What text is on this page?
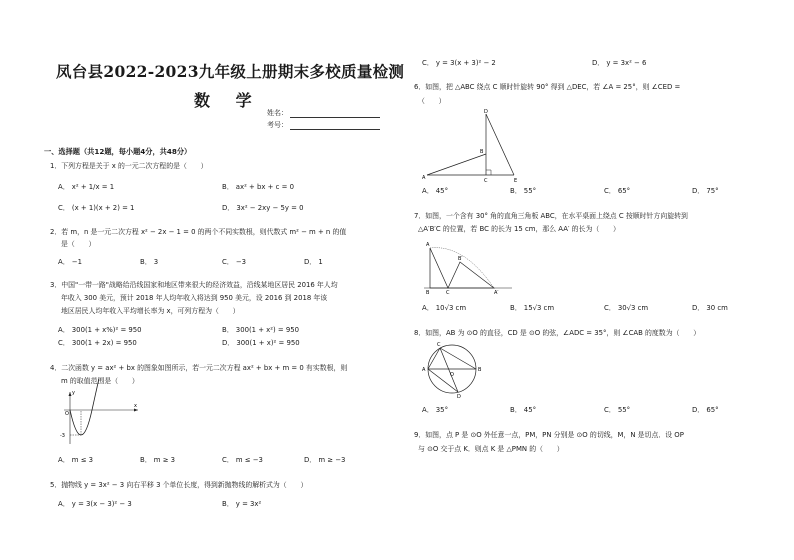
凤台县2022-2023九年级上册期末多校质量检测
数 学
姓名：
考号：
一、选择题（共12题，每小题4分，共48分）
1．下列方程是关于 x 的一元二次方程的是（　　）
A． x² + 1/x = 1	B． ax² + bx + c = 0
C． (x + 1)(x + 2) = 1	D． 3x² − 2xy − 5y = 0
2．若 m，n 是一元二次方程 x² − 2x − 1 = 0 的两个不同实数根，则代数式 m² − m + n 的值
是（　　）
A． −1	B． 3	C． −3	D． 1
3．中国"一带一路"战略给沿线国家和地区带来很大的经济效益，沿线某地区居民 2016 年人均
年收入 300 美元，预计 2018 年人均年收入将达到 950 美元，设 2016 到 2018 年该
地区居民人均年收入平均增长率为 x，可列方程为（　　）
A． 300(1 + x%)² = 950	B． 300(1 + x²) = 950
C． 300(1 + 2x) = 950	D． 300(1 + x)² = 950
4．二次函数 y = ax² + bx 的图象如图所示，若一元二次方程 ax² + bx + m = 0 有实数根，则
m 的取值范围是（　　）
y
x
O
-3
A． m ≤ 3	B． m ≥ 3	C． m ≤ −3	D． m ≥ −3
5．抛物线 y = 3x² − 3 向右平移 3 个单位长度，得到新抛物线的解析式为（　　）
A． y = 3(x − 3)² − 3	B． y = 3x²
C． y = 3(x + 3)² − 2	D． y = 3x² − 6
6．如图，把 △ABC 绕点 C 顺时针旋转 90° 得到 △DEC，若 ∠A = 25°，则 ∠CED =
（　　）
A
B
C
D
E
A． 45°	B． 55°	C． 65°	D． 75°
7．如图，一个含有 30° 角的直角三角板 ABC，在水平桌面上绕点 C 按顺时针方向旋转到
△A′B′C 的位置，若 BC 的长为 15 cm，那么 AA′ 的长为（　　）
A
B	C
B′
A′
A． 10√3 cm	B． 15√3 cm	C． 30√3 cm	D． 30 cm
8．如图，AB 为 ⊙O 的直径，CD 是 ⊙O 的弦，∠ADC = 35°，则 ∠CAB 的度数为（　　）
A	B
C
D
O
A． 35°	B． 45°	C． 55°	D． 65°
9．如图，点 P 是 ⊙O 外任意一点，PM，PN 分别是 ⊙O 的切线，M，N 是切点．设 OP
与 ⊙O 交于点 K．则点 K 是 △PMN 的（　　）
